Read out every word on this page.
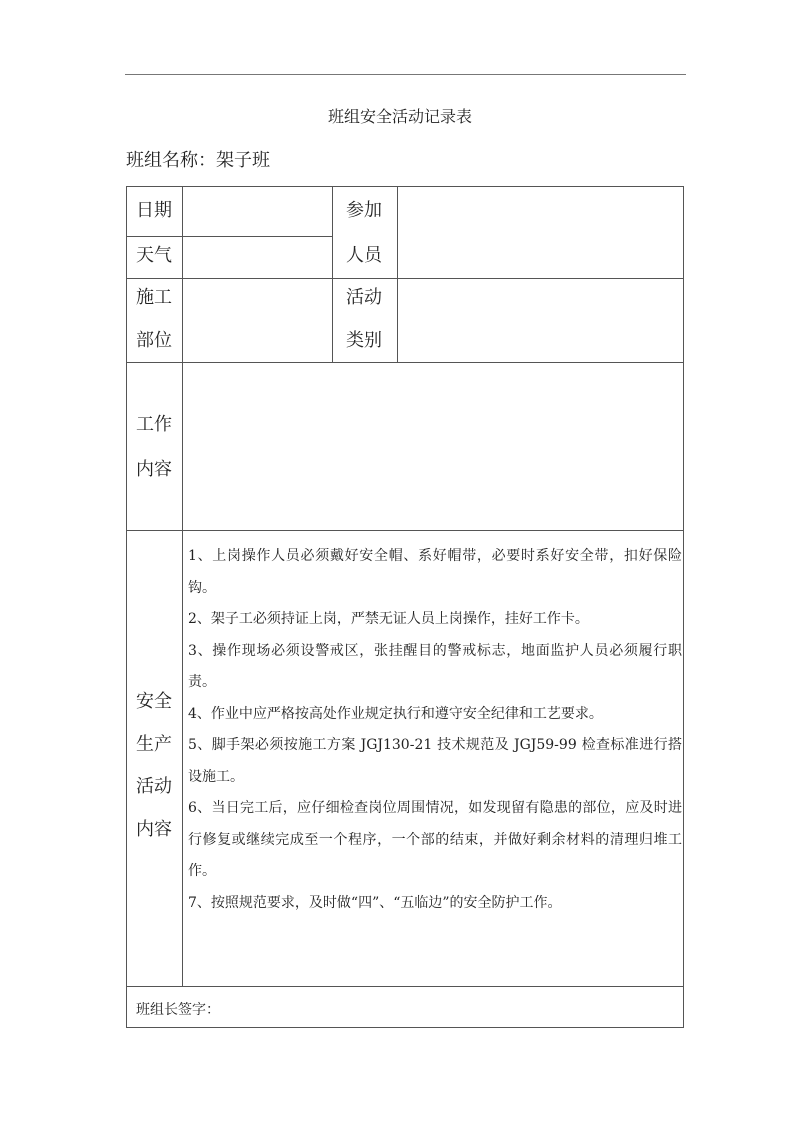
班组安全活动记录表
班组名称：架子班
日期
天气
参加
人员
施工
部位
活动
类别
工作
内容
安全
生产
活动
内容

1、上岗操作人员必须戴好安全帽、系好帽带，必要时系好安全带，扣好保险钩。

2、架子工必须持证上岗，严禁无证人员上岗操作，挂好工作卡。

3、操作现场必须设警戒区，张挂醒目的警戒标志，地面监护人员必须履行职责。

4、作业中应严格按高处作业规定执行和遵守安全纪律和工艺要求。

5、脚手架必须按施工方案 JGJ130-21 技术规范及 JGJ59-99 检查标准进行搭设施工。

6、当日完工后，应仔细检查岗位周围情况，如发现留有隐患的部位，应及时进行修复或继续完成至一个程序，一个部的结束，并做好剩余材料的清理归堆工作。

7、按照规范要求，及时做“四”、“五临边”的安全防护工作。

班组长签字：
